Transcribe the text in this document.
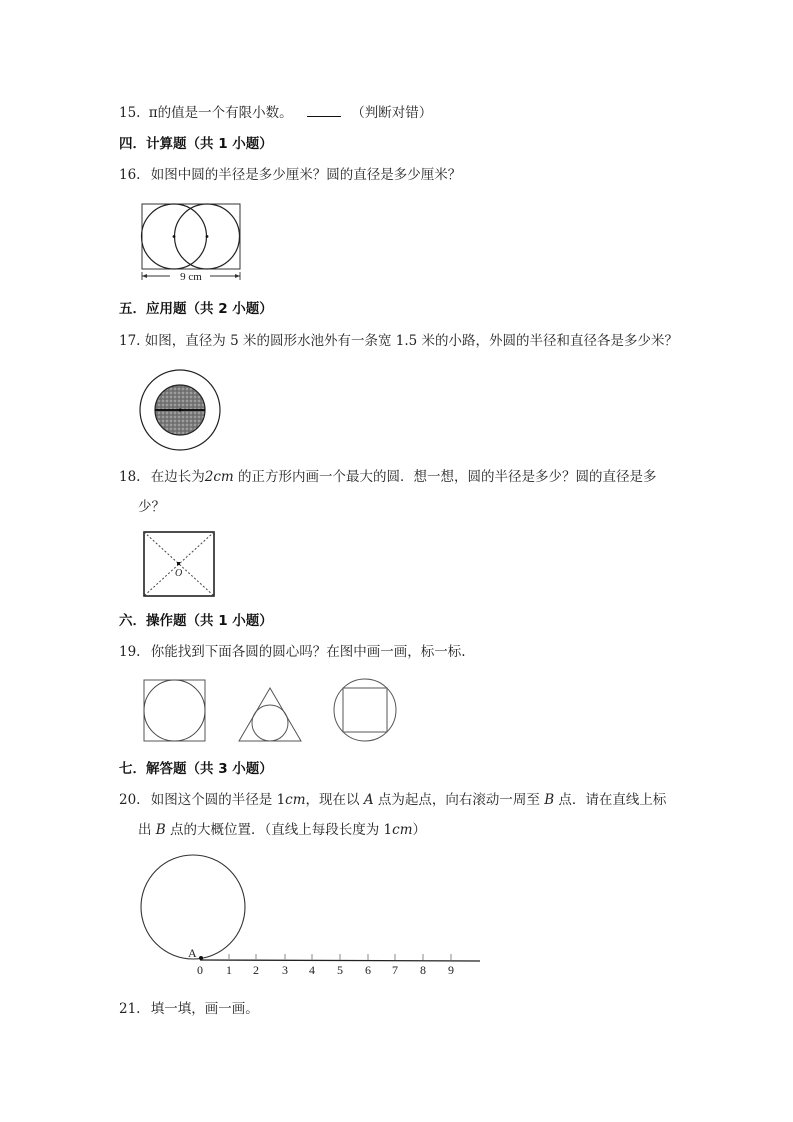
15. π的值是一个有限小数。	（判断对错）
四．计算题（共 1 小题）
16. 如图中圆的半径是多少厘米？圆的直径是多少厘米？
9 cm
五．应用题（共 2 小题）
17. 如图，直径为 5 米的圆形水池外有一条宽 1.5 米的小路，外圆的半径和直径各是多少米？
18. 在边长为2cm 的正方形内画一个最大的圆．想一想，圆的半径是多少？圆的直径是多
少？
O
六．操作题（共 1 小题）
19. 你能找到下面各圆的圆心吗？在图中画一画，标一标.
七．解答题（共 3 小题）
20. 如图这个圆的半径是 1cm，现在以 A 点为起点，向右滚动一周至 B 点．请在直线上标
出 B 点的大概位置．（直线上每段长度为 1cm）
A
0 1 2 3 4 5 6 7 8 9
21. 填一填，画一画。
